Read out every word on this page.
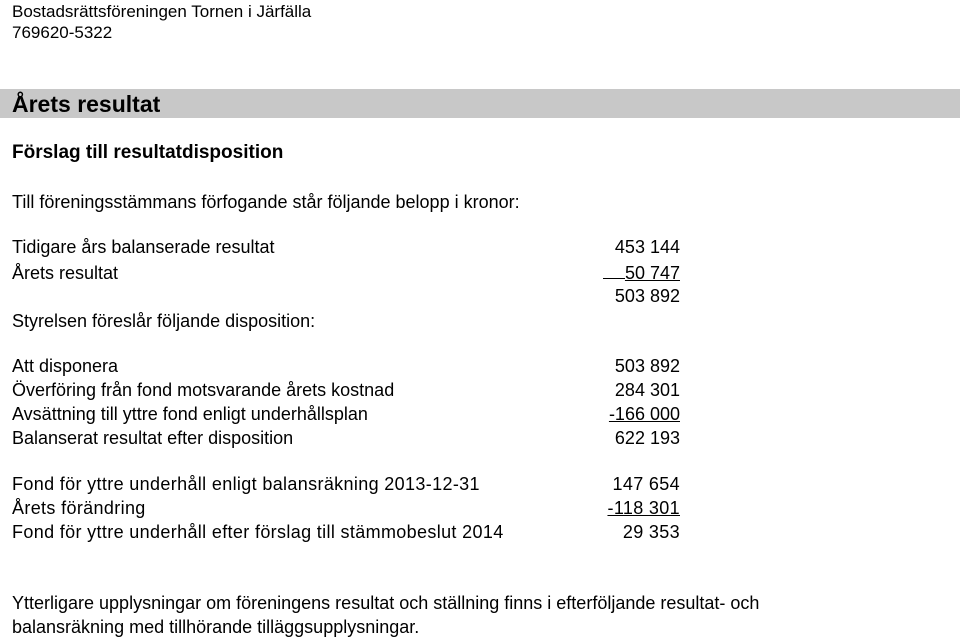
Bostadsrättsföreningen Tornen i Järfälla
769620-5322
Årets resultat
Förslag till resultatdisposition
Till föreningsstämmans förfogande står följande belopp i kronor:
Tidigare års balanserade resultat	453 144
Årets resultat	50 747
503 892
Styrelsen föreslår följande disposition:
Att disponera	503 892
Överföring från fond motsvarande årets kostnad	284 301
Avsättning till yttre fond enligt underhållsplan	-166 000
Balanserat resultat efter disposition	622 193
Fond för yttre underhåll enligt balansräkning 2013-12-31	147 654
Årets förändring	-118 301
Fond för yttre underhåll efter förslag till stämmobeslut 2014	29 353
Ytterligare upplysningar om föreningens resultat och ställning finns i efterföljande resultat- och
balansräkning med tillhörande tilläggsupplysningar.
